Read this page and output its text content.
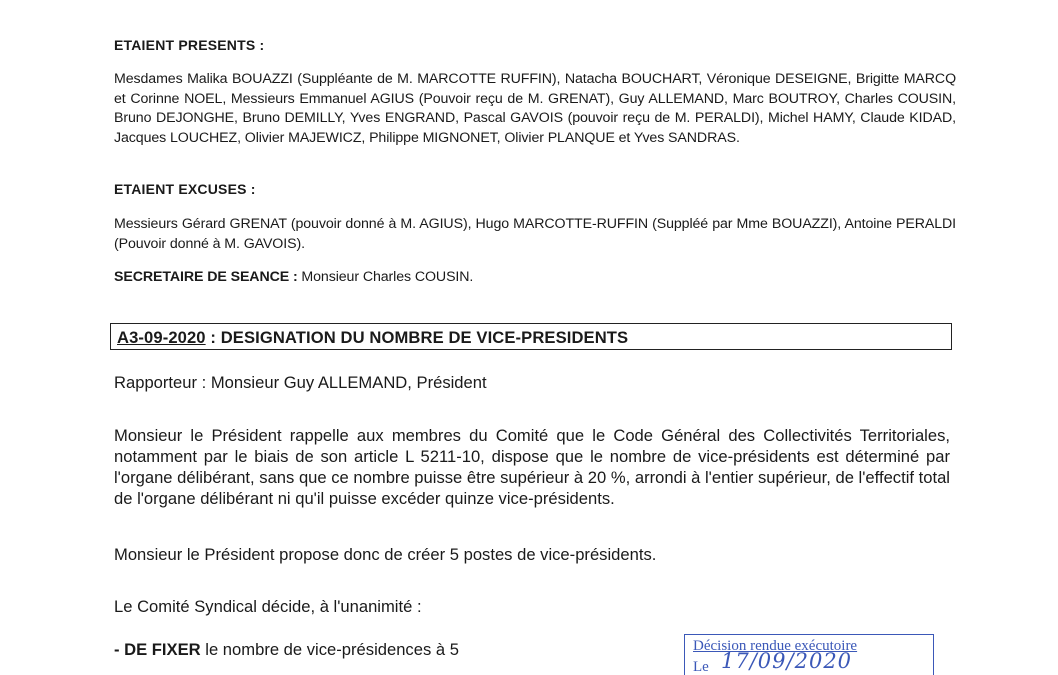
ETAIENT PRESENTS :
Mesdames Malika BOUAZZI (Suppléante de M. MARCOTTE RUFFIN), Natacha BOUCHART, Véronique DESEIGNE, Brigitte MARCQ et Corinne NOEL, Messieurs Emmanuel AGIUS (Pouvoir reçu de M. GRENAT), Guy ALLEMAND, Marc BOUTROY, Charles COUSIN, Bruno DEJONGHE, Bruno DEMILLY, Yves ENGRAND, Pascal GAVOIS (pouvoir reçu de M. PERALDI), Michel HAMY, Claude KIDAD, Jacques LOUCHEZ, Olivier MAJEWICZ, Philippe MIGNONET, Olivier PLANQUE et Yves SANDRAS.
ETAIENT EXCUSES :
Messieurs Gérard GRENAT (pouvoir donné à M. AGIUS), Hugo MARCOTTE-RUFFIN (Suppléé par Mme BOUAZZI), Antoine PERALDI (Pouvoir donné à M. GAVOIS).
SECRETAIRE DE SEANCE : Monsieur Charles COUSIN.
A3-09-2020 : DESIGNATION DU NOMBRE DE VICE-PRESIDENTS
Rapporteur : Monsieur Guy ALLEMAND, Président
Monsieur le Président rappelle aux membres du Comité que le Code Général des Collectivités Territoriales, notamment par le biais de son article L 5211-10, dispose que le nombre de vice-présidents est déterminé par l'organe délibérant, sans que ce nombre puisse être supérieur à 20 %, arrondi à l'entier supérieur, de l'effectif total de l'organe délibérant ni qu'il puisse excéder quinze vice-présidents.
Monsieur le Président propose donc de créer 5 postes de vice-présidents.
Le Comité Syndical décide, à l'unanimité :
- DE FIXER le nombre de vice-présidences à 5	Décision rendue exécutoire
Le 17/09/2020
